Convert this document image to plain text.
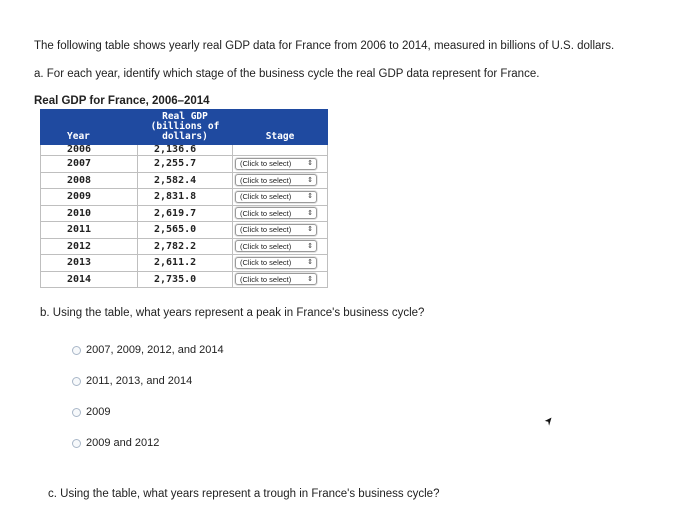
The following table shows yearly real GDP data for France from 2006 to 2014, measured in billions of U.S. dollars.
a. For each year, identify which stage of the business cycle the real GDP data represent for France.
Real GDP for France, 2006–2014
Year	Real GDP
(billions of
dollars)	Stage
2006	2,136.6	
2007	2,255.7	(Click to select) ⇕

2008	2,582.4	(Click to select) ⇕

2009	2,831.8	(Click to select) ⇕

2010	2,619.7	(Click to select) ⇕

2011	2,565.0	(Click to select) ⇕

2012	2,782.2	(Click to select) ⇕

2013	2,611.2	(Click to select) ⇕

2014	2,735.0	(Click to select) ⇕
b. Using the table, what years represent a peak in France's business cycle?
2007, 2009, 2012, and 2014
2011, 2013, and 2014
2009
2009 and 2012
c. Using the table, what years represent a trough in France's business cycle?
